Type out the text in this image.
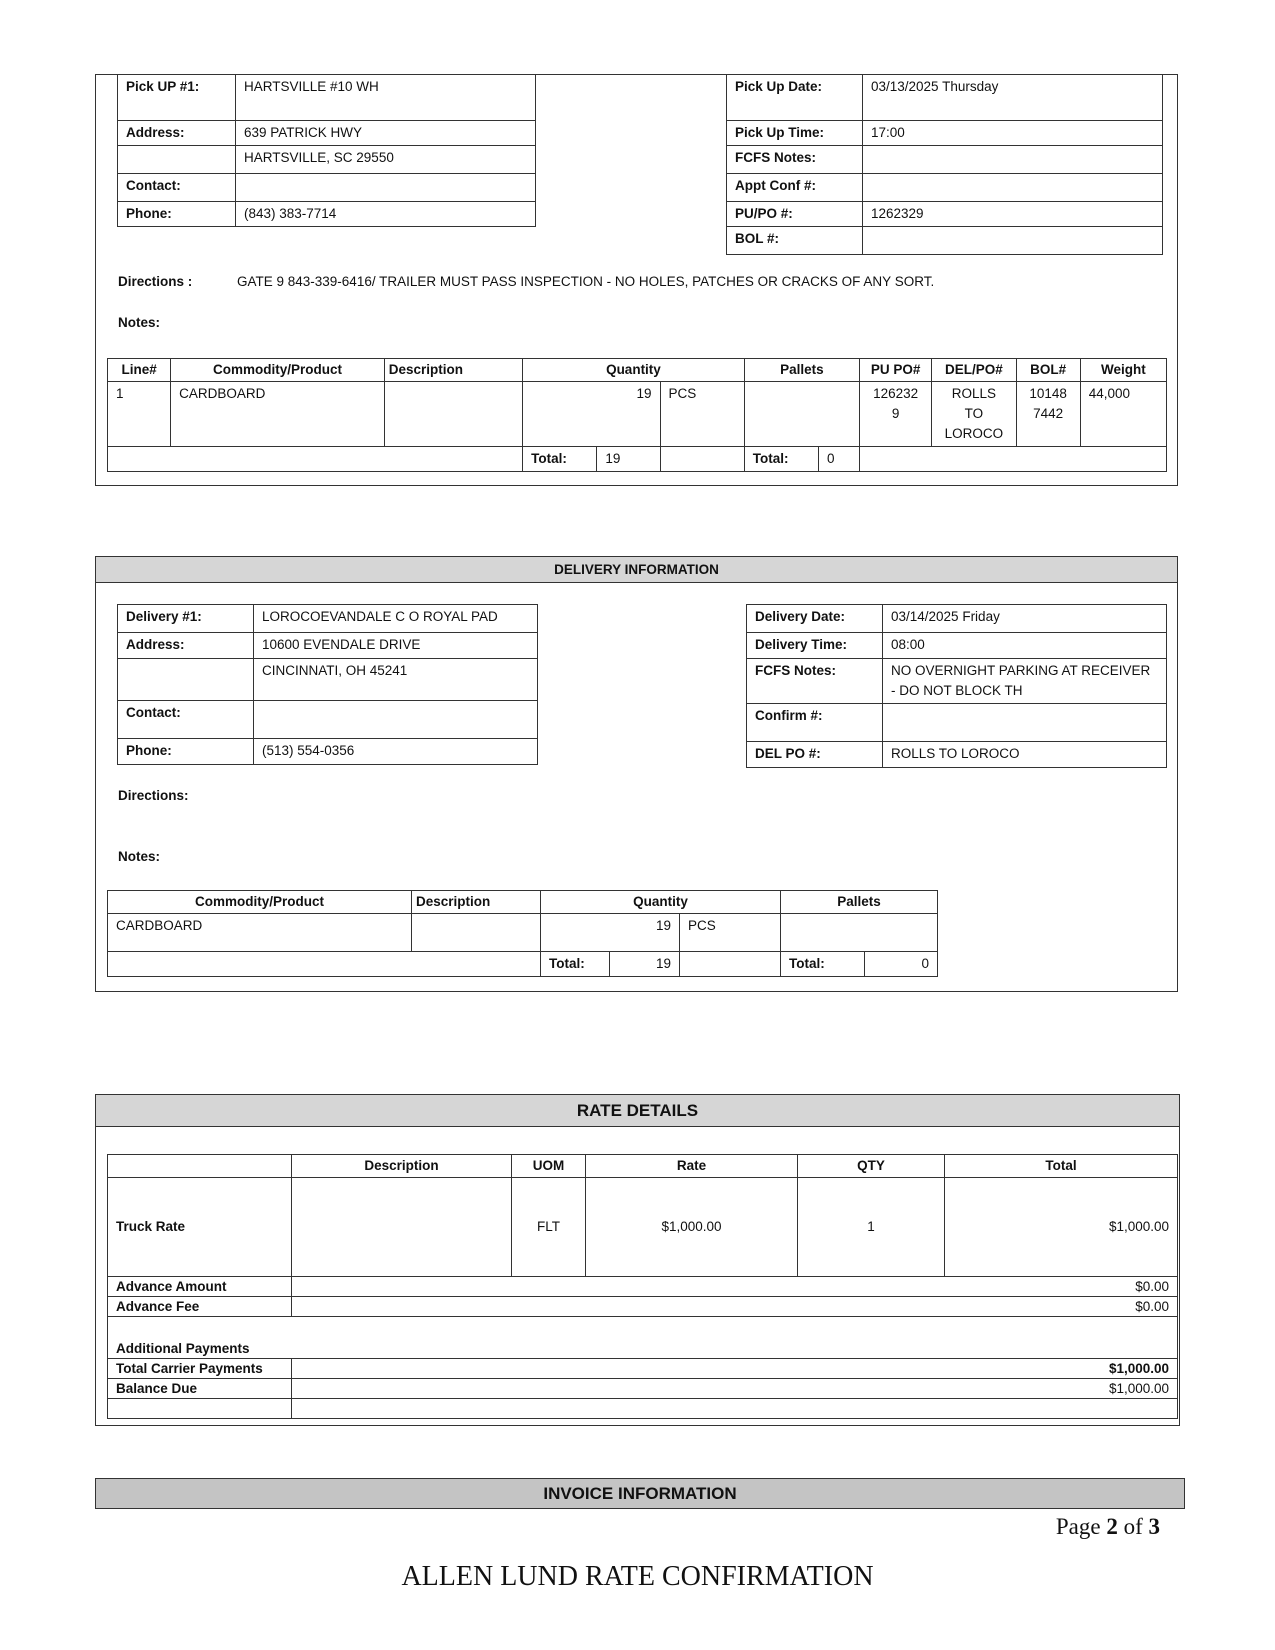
Pick UP #1:	HARTSVILLE #10 WH
Address:	639 PATRICK HWY
	HARTSVILLE, SC 29550
Contact:	
Phone:	(843) 383-7714
Pick Up Date:	03/13/2025 Thursday
Pick Up Time:	17:00
FCFS Notes:	
Appt Conf #:	
PU/PO #:	1262329
BOL #:	
Directions :	GATE 9 843-339-6416/ TRAILER MUST PASS INSPECTION - NO HOLES, PATCHES OR CRACKS OF ANY SORT.
Notes:
Line#	Commodity/Product	Description	Quantity			Pallets		PU PO#	DEL/PO#	BOL#	Weight
1	CARDBOARD		19		PCS			1262329	ROLLS TO LOROCO	101487442	44,000
			Total:	19		Total:	0				
DELIVERY INFORMATION
Delivery #1:	LOROCOEVANDALE C O ROYAL PAD
Address:	10600 EVENDALE DRIVE
	CINCINNATI, OH 45241
Contact:	
Phone:	(513) 554-0356
Delivery Date:	03/14/2025 Friday
Delivery Time:	08:00
FCFS Notes:	NO OVERNIGHT PARKING AT RECEIVER - DO NOT BLOCK TH
Confirm #:	
DEL PO #:	ROLLS TO LOROCO
Directions:
Notes:
Commodity/Product	Description	Quantity			Pallets	
CARDBOARD		19		PCS		
		Total:	19		Total:	0
RATE DETAILS
	Description	UOM	Rate	QTY	Total
Truck Rate		FLT	$1,000.00	1	$1,000.00
Advance Amount	$0.00				
Advance Fee	$0.00				
Additional Payments					
Total Carrier Payments	$1,000.00				
Balance Due	$1,000.00				

INVOICE INFORMATION
Page 2 of 3
ALLEN LUND RATE CONFIRMATION
